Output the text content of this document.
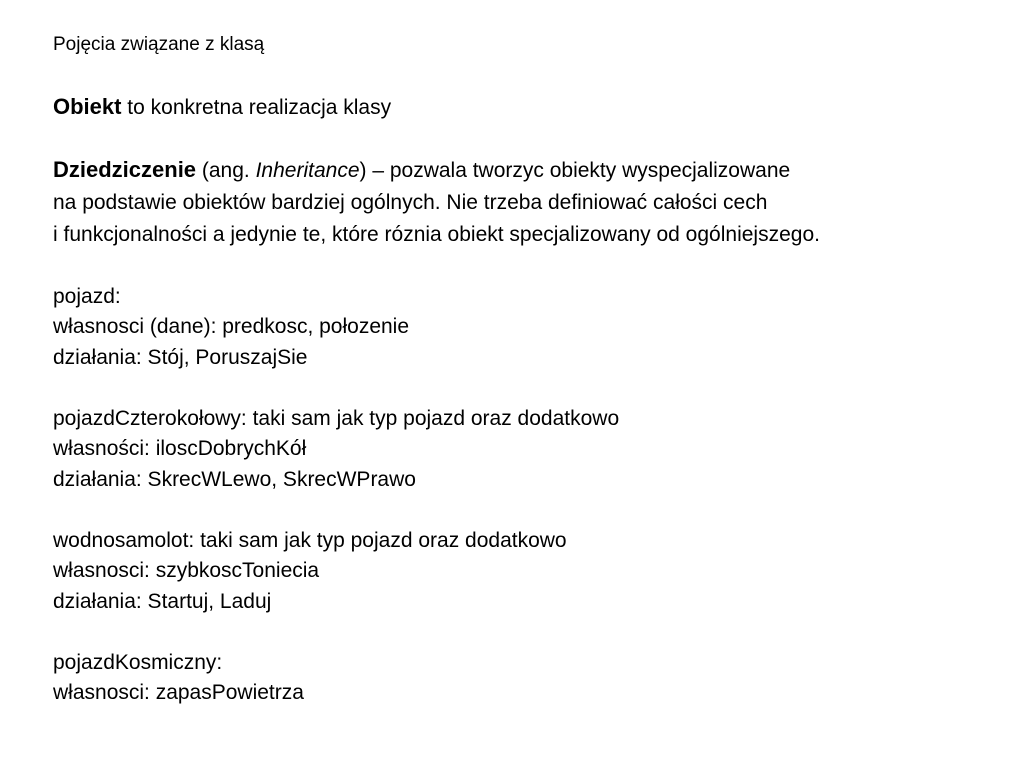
Pojęcia związane z klasą
Obiekt to konkretna realizacja klasy
Dziedziczenie (ang. Inheritance) – pozwala tworzyc obiekty wyspecjalizowane
na podstawie obiektów bardziej ogólnych. Nie trzeba definiować całości cech
i funkcjonalności a jedynie te, które róznia obiekt specjalizowany od ogólniejszego.
pojazd:
własnosci (dane): predkosc, połozenie
działania: Stój, PoruszajSie
pojazdCzterokołowy: taki sam jak typ pojazd oraz dodatkowo
własności: iloscDobrychKół
działania: SkrecWLewo, SkrecWPrawo
wodnosamolot: taki sam jak typ pojazd oraz dodatkowo
własnosci: szybkoscToniecia
działania: Startuj, Laduj
pojazdKosmiczny:
własnosci: zapasPowietrza
